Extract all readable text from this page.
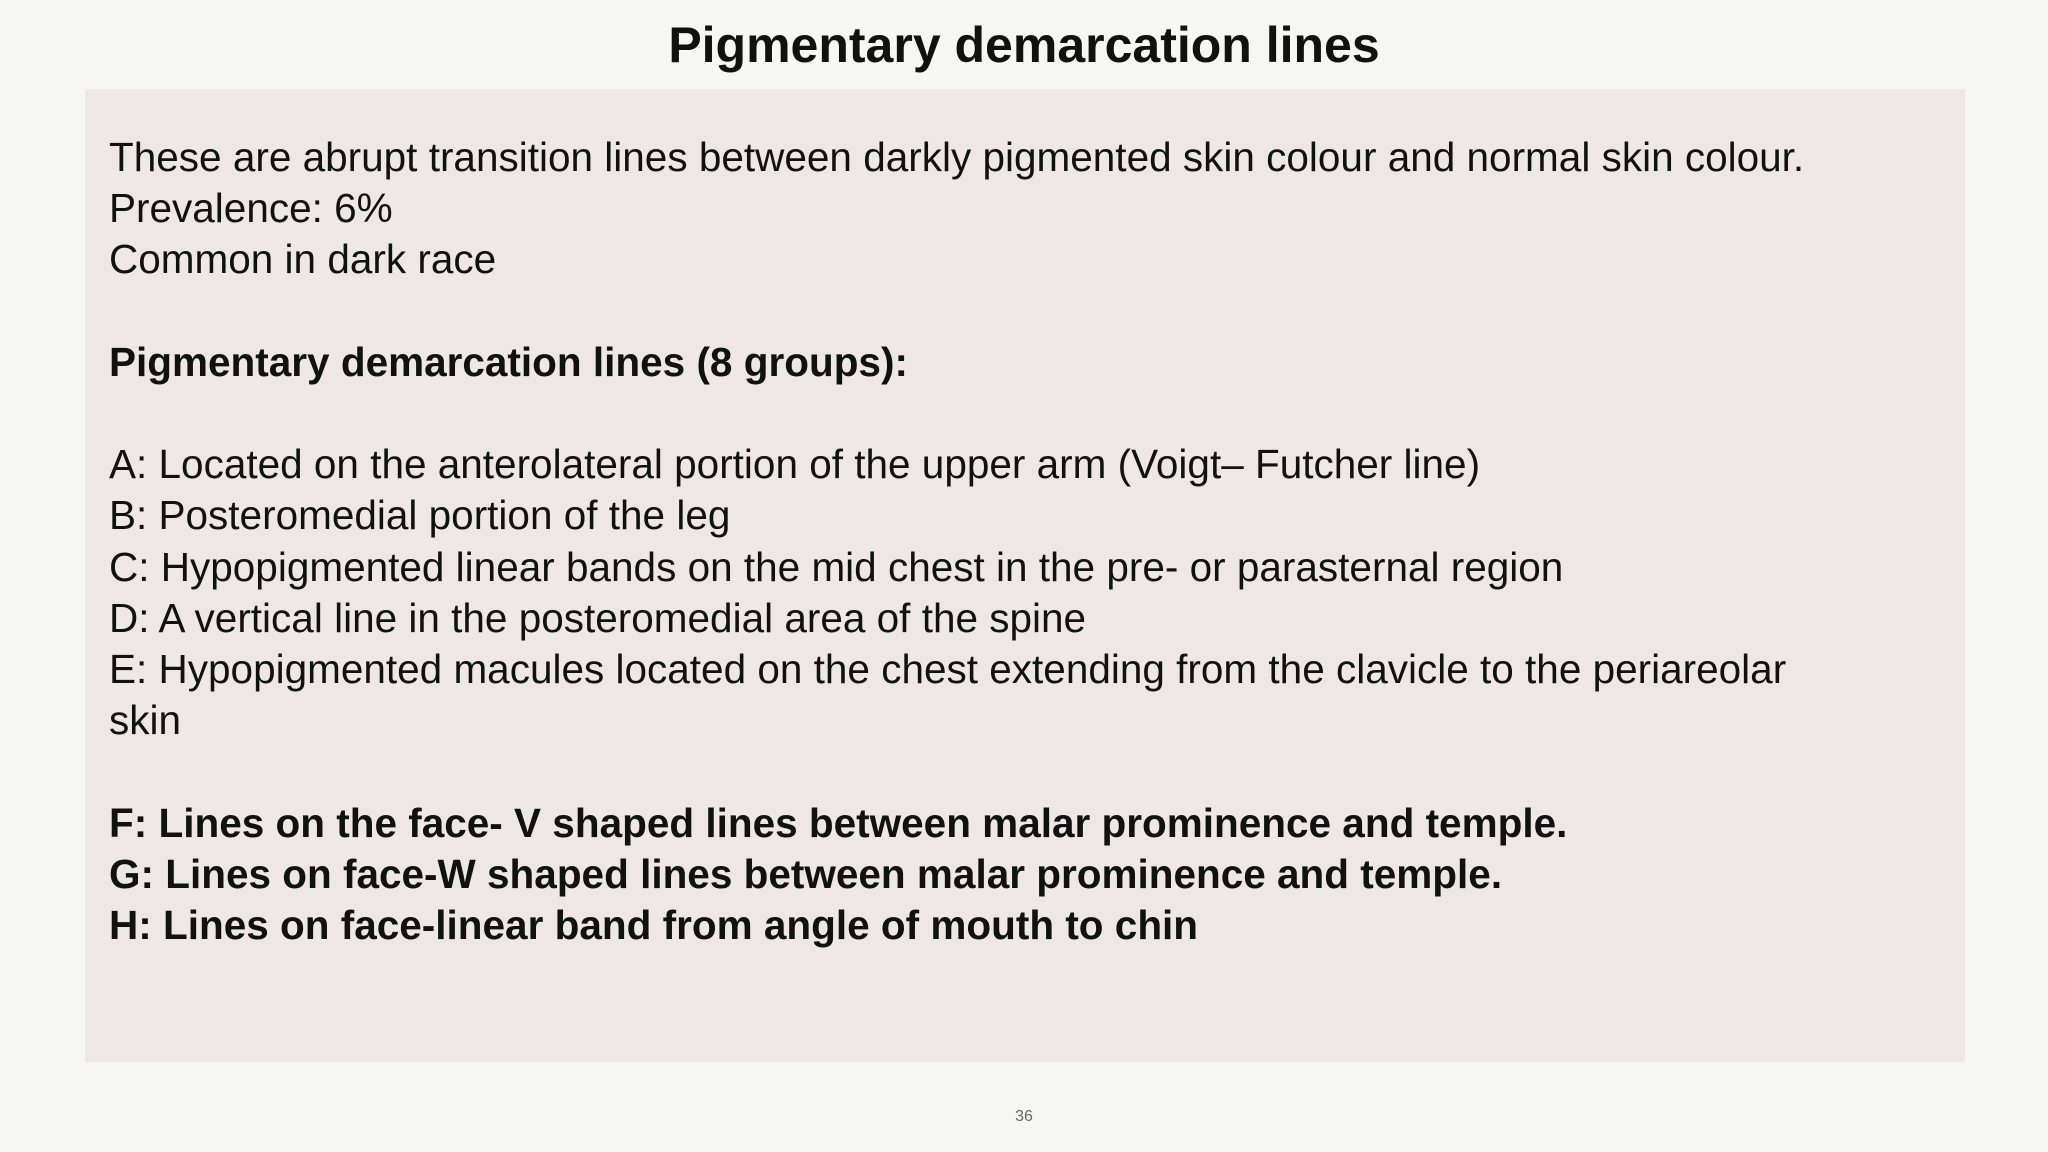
Pigmentary demarcation lines

These are abrupt transition lines between darkly pigmented skin colour and normal skin colour.

Prevalence: 6%

Common in dark race

Pigmentary demarcation lines (8 groups):

A: Located on the anterolateral portion of the upper arm (Voigt– Futcher line)

B: Posteromedial portion of the leg

C: Hypopigmented linear bands on the mid chest in the pre- or parasternal region

D: A vertical line in the posteromedial area of the spine

E: Hypopigmented macules located on the chest extending from the clavicle to the periareolar

skin

F: Lines on the face- V shaped lines between malar prominence and temple.

G: Lines on face-W shaped lines between malar prominence and temple.

H: Lines on face-linear band from angle of mouth to chin

36
